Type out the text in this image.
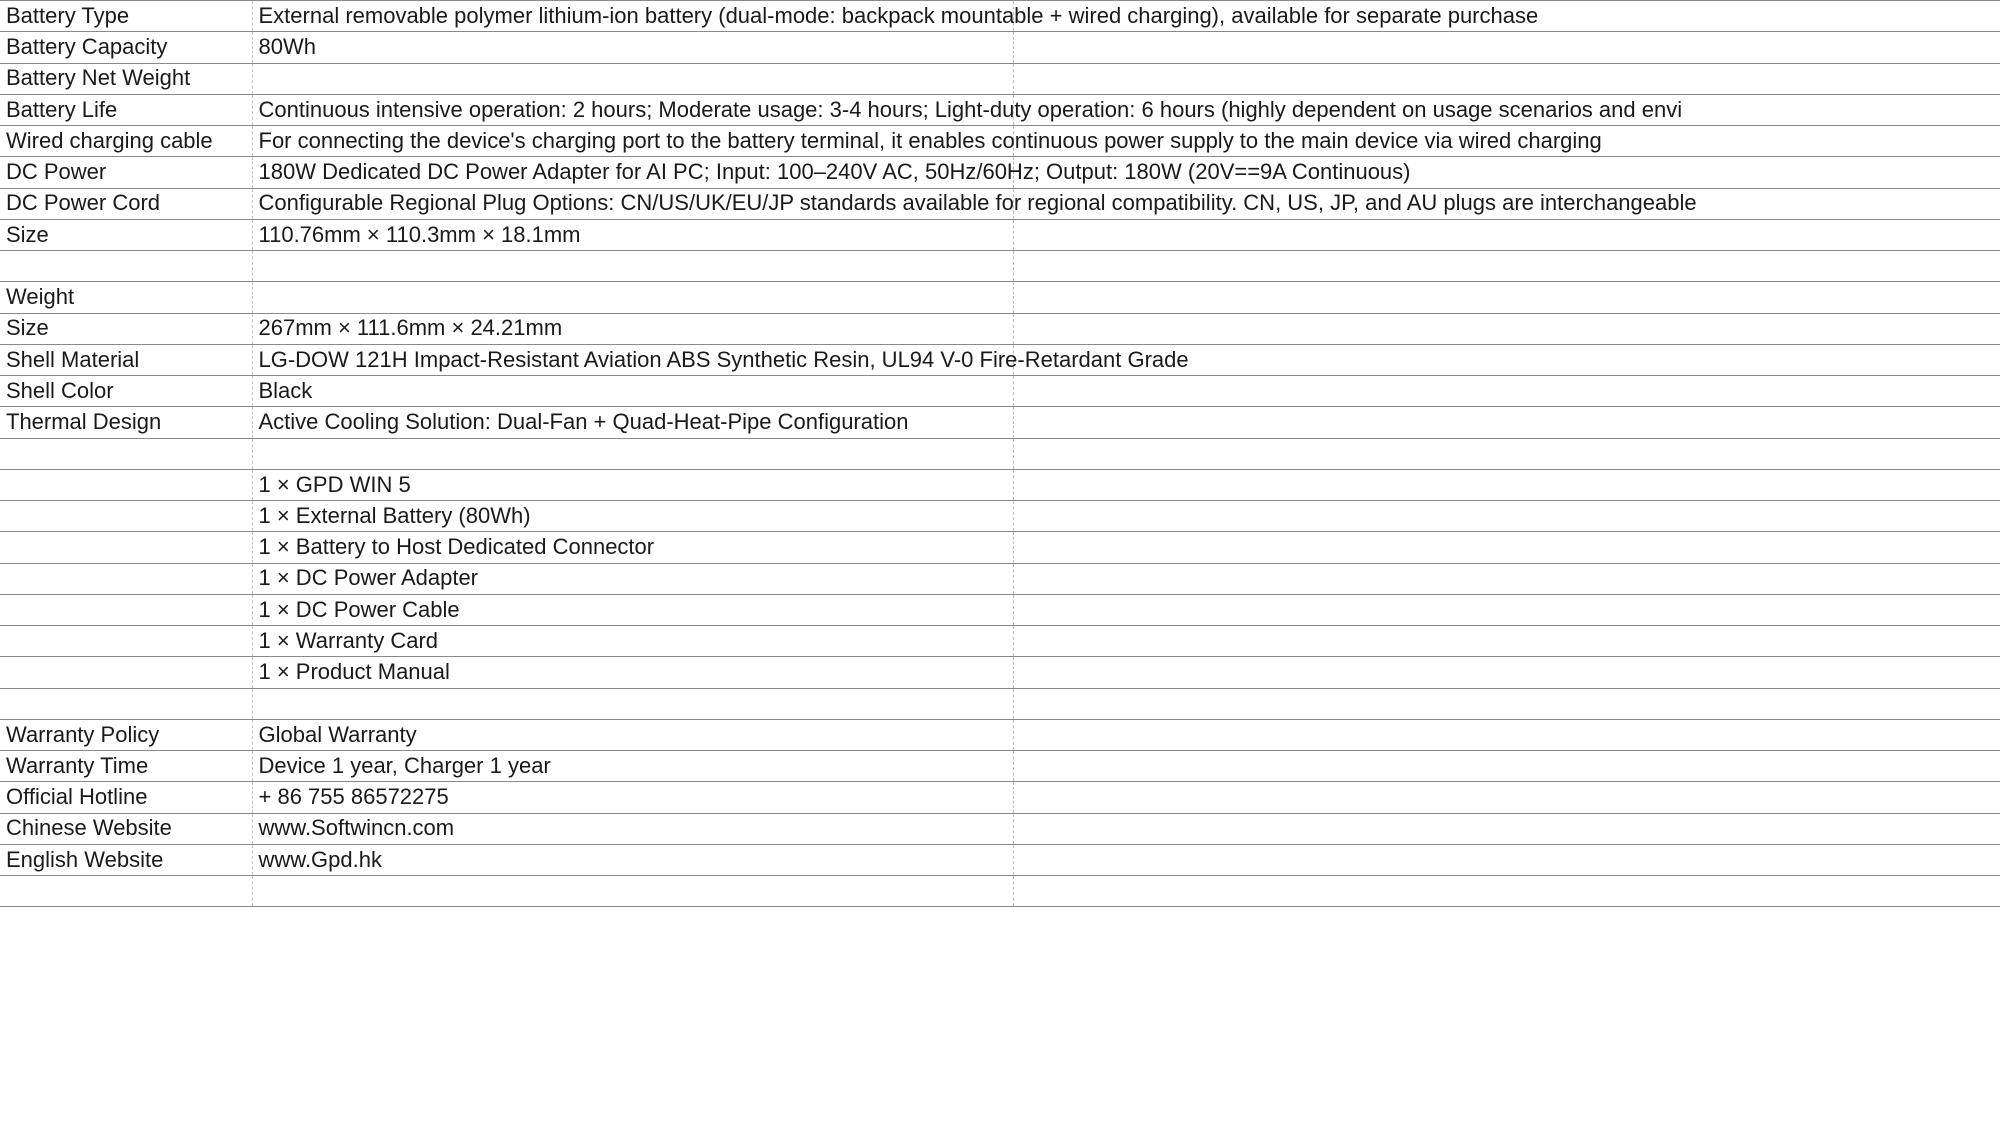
Battery Type	External removable polymer lithium-ion battery (dual-mode: backpack mountable + wired charging), available for separate purchase	
Battery Capacity	80Wh	
Battery Net Weight		
Battery Life	Continuous intensive operation: 2 hours; Moderate usage: 3-4 hours; Light-duty operation: 6 hours (highly dependent on usage scenarios and envi	
Wired charging cable	For connecting the device's charging port to the battery terminal, it enables continuous power supply to the main device via wired charging	
DC Power	180W Dedicated DC Power Adapter for AI PC; Input: 100–240V AC, 50Hz/60Hz; Output: 180W (20V==9A Continuous)	
DC Power Cord	Configurable Regional Plug Options: CN/US/UK/EU/JP standards available for regional compatibility. CN, US, JP, and AU plugs are interchangeable	
Size	110.76mm × 110.3mm × 18.1mm	

Weight		
Size	267mm × 111.6mm × 24.21mm	
Shell Material	LG-DOW 121H Impact-Resistant Aviation ABS Synthetic Resin, UL94 V-0 Fire-Retardant Grade	
Shell Color	Black	
Thermal Design	Active Cooling Solution: Dual-Fan + Quad-Heat-Pipe Configuration	

	1 × GPD WIN 5	
	1 × External Battery (80Wh)	
	1 × Battery to Host Dedicated Connector	
	1 × DC Power Adapter	
	1 × DC Power Cable	
	1 × Warranty Card	
	1 × Product Manual	

Warranty Policy	Global Warranty	
Warranty Time	Device 1 year, Charger 1 year	
Official Hotline	+ 86 755 86572275	
Chinese Website	www.Softwincn.com	
English Website	www.Gpd.hk	
